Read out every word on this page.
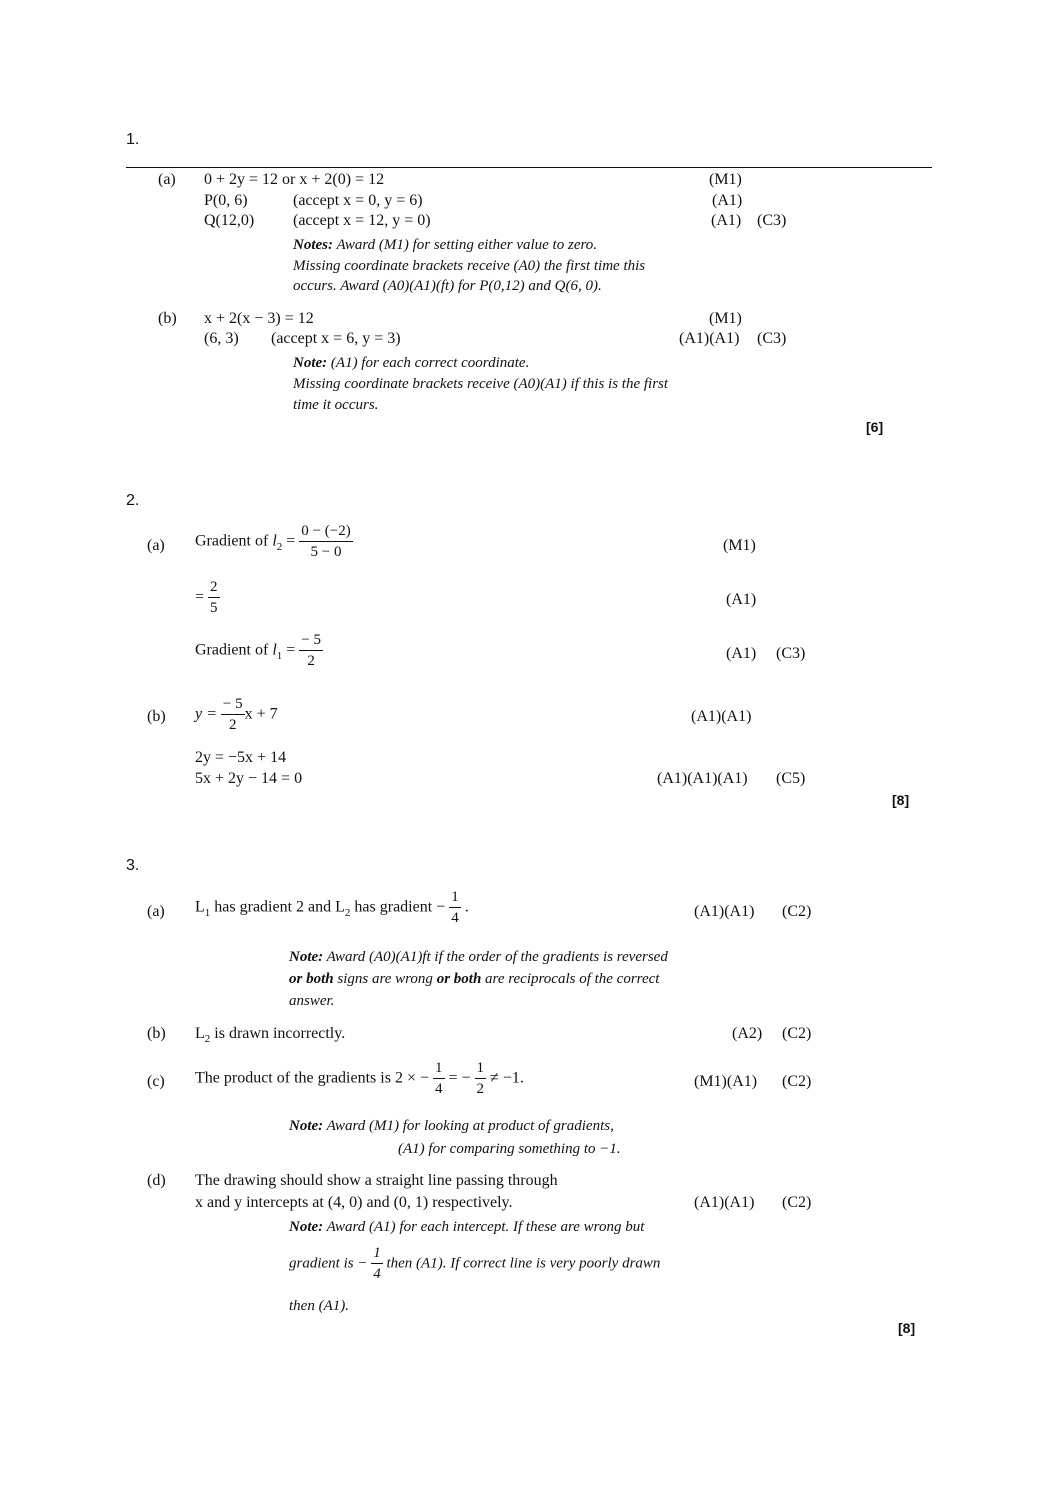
1.
(a) 0 + 2y = 12 or x + 2(0) = 12	(M1)
P(0, 6)	(accept x = 0, y = 6)	(A1)
Q(12,0) (accept x = 12, y = 0)	(A1) (C3)
Notes: Award (M1) for setting either value to zero.
Missing coordinate brackets receive (A0) the first time this
occurs. Award (A0)(A1)(ft) for P(0,12) and Q(6, 0).
(b) x + 2(x − 3) = 12	(M1)
(6, 3) (accept x = 6, y = 3)	(A1)(A1) (C3)
Note: (A1) for each correct coordinate.
Missing coordinate brackets receive (A0)(A1) if this is the first
time it occurs.
[6]
2.
(a) Gradient of $l_2 = \frac{0 - (-2)}{5 - 0}$	(M1)
= $\frac{2}{5}$	(A1)
Gradient of $l_1 = \frac{- 5}{2}$	(A1) (C3)
(b) $y = \frac{- 5}{2}$ x + 7	(A1)(A1)
2y = −5x + 14
5x + 2y − 14 = 0	(A1)(A1)(A1) (C5)
[8]
3.
(a) $L_1$ has gradient 2 and $L_2$ has gradient − $\frac{1}{4}$ .	(A1)(A1) (C2)
Note: Award (A0)(A1)ft if the order of the gradients is reversed
or both signs are wrong or both are reciprocals of the correct
answer.
(b) $L_2$ is drawn incorrectly.	(A2) (C2)
(c) The product of the gradients is 2 × − $\frac{1}{4}$ = − $\frac{1}{2} \ne -1$.	(M1)(A1) (C2)
Note: Award (M1) for looking at product of gradients,
(A1) for comparing something to −1.
(d) The drawing should show a straight line passing through
x and y intercepts at (4, 0) and (0, 1) respectively.	(A1)(A1) (C2)
Note: Award (A1) for each intercept. If these are wrong but
gradient is − $\frac{1}{4}$ then (A1). If correct line is very poorly drawn
then (A1).
[8]
